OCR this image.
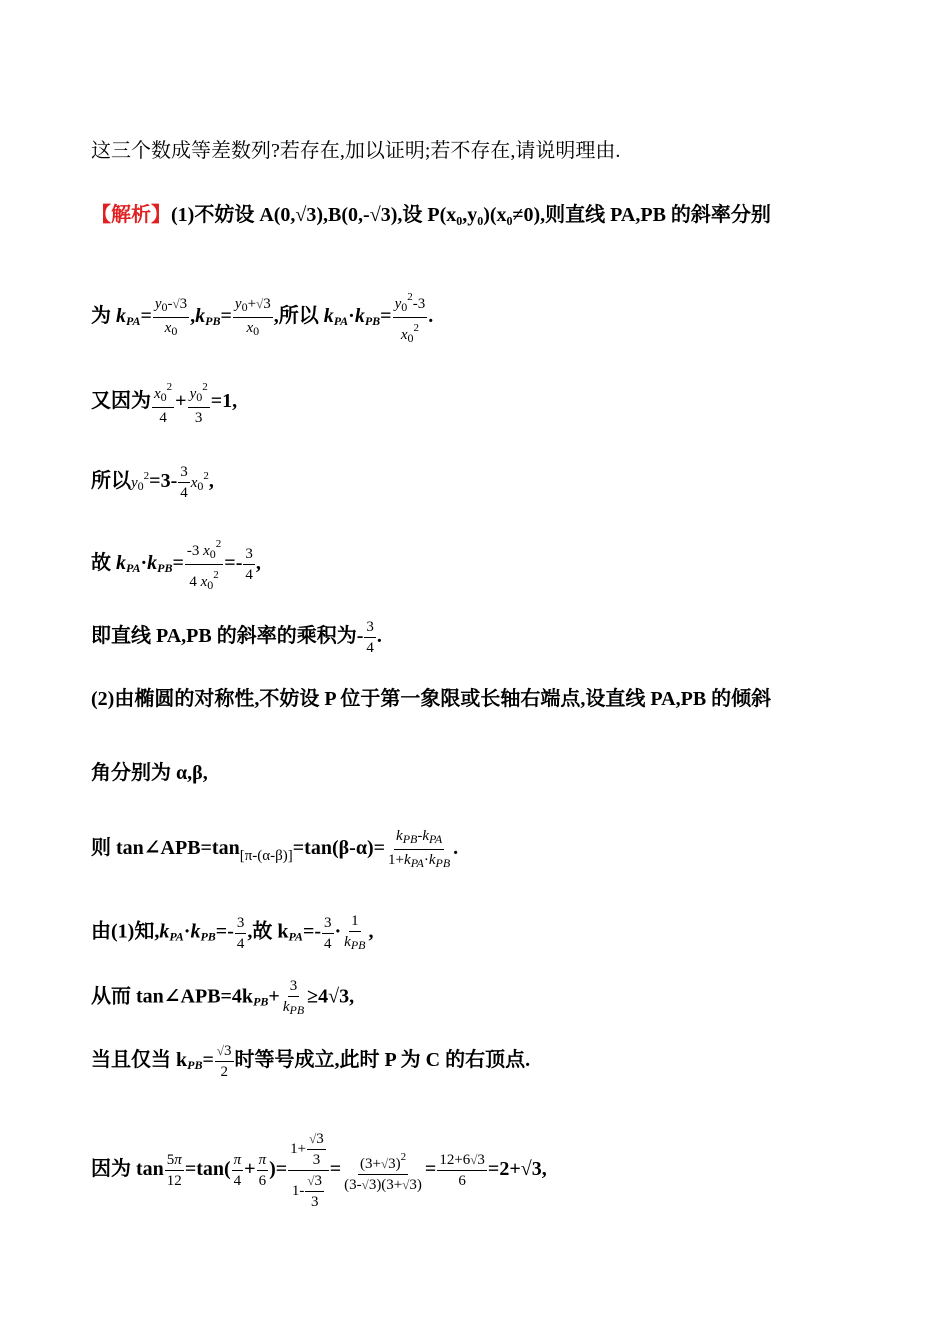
这三个数成等差数列?若存在,加以证明;若不存在,请说明理由.
【解析】(1)不妨设 A(0,√3),B(0,-√3),设 P(x₀,y₀)(x₀≠0),则直线 PA,PB 的斜率分别
为 $k_{PA}= \frac{y_0-√3}{x_0} ,k_{PB}= \frac{y_0+√3}{x_0}$ ,所以 $k_{PA}\cdot k_{PB}= \frac{y_0^2-3}{x_0^2}$ .
又因为 $\frac{x_0^2}{4} + \frac{y_0^2}{3} =1$,
所以$y_0^2=3- \frac{3}{4} x_0^2$,
故 $k_{PA}\cdot k_{PB}= \frac{-3 x_0^2}{4 x_0^2} =- \frac{3}{4}$ ,
即直线 PA,PB 的斜率的乘积为- $\frac{3}{4}$ .
(2)由椭圆的对称性,不妨设 P 位于第一象限或长轴右端点,设直线 PA,PB 的倾斜
角分别为 α,β,
则 $\tan\angle APB=\tan_{[\pi-(\alpha-\beta)]}=\tan(\beta-\alpha)= \frac{k_{PB}-k_{PA}}{1+k_{PA}\cdot k_{PB}}$ .
由(1)知$,k_{PA}\cdot k_{PB}=- \frac{3}{4}$ ,故 $k_{PA}=- \frac{3}{4} \cdot \frac{1}{k_{PB}}$ ,
从而 $\tan\angle APB=4k_{PB}+ \frac{3}{k_{PB}} \ge 4√3$,
当且仅当 $k_{PB}= \frac{√3}{2}$ 时等号成立,此时 P 为 C 的右顶点.
因为 $\tan \frac{5\pi}{12} =\tan( \frac{\pi}{4} + \frac{\pi}{6}$ )= $\frac{1+ \frac{√3}{3}}{1- \frac{√3}{3}} = \frac{(3+√3)^2}{(3-√3)(3+√3)} = \frac{12+6√3}{6} =2+√3$,
